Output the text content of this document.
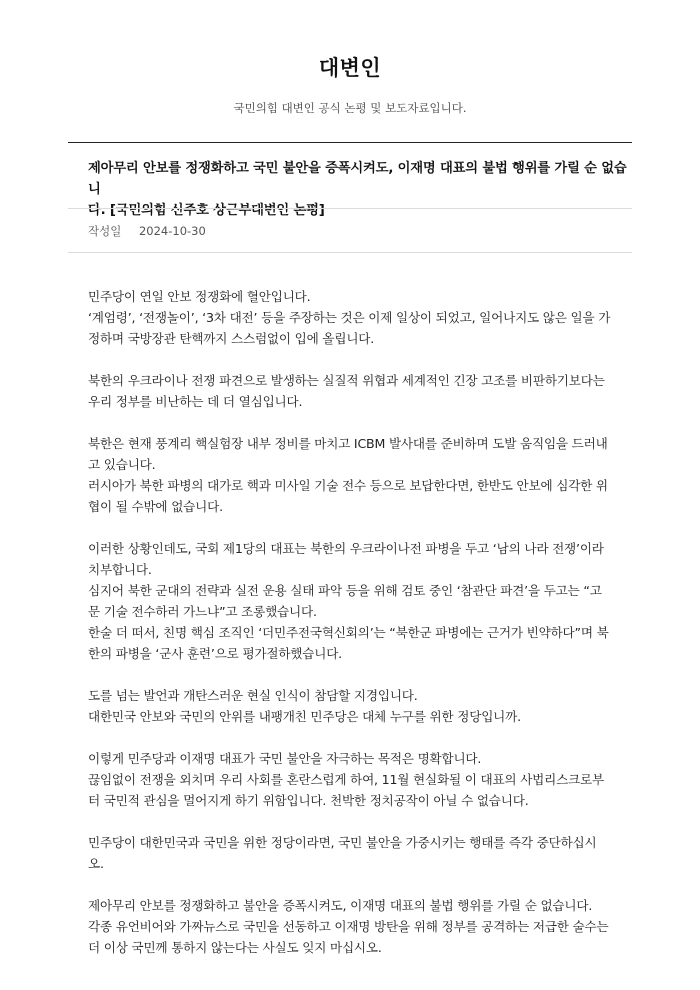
대변인
국민의힘 대변인 공식 논평 및 보도자료입니다.
제아무리 안보를 정쟁화하고 국민 불안을 증폭시켜도, 이재명 대표의 불법 행위를 가릴 순 없습니
다. [국민의힘 신주호 상근부대변인 논평]
작성일 2024-10-30

민주당이 연일 안보 정쟁화에 혈안입니다.
‘계엄령’, ‘전쟁놀이’, ‘3차 대전’ 등을 주장하는 것은 이제 일상이 되었고, 일어나지도 않은 일을 가
정하며 국방장관 탄핵까지 스스럼없이 입에 올립니다.

북한의 우크라이나 전쟁 파견으로 발생하는 실질적 위협과 세계적인 긴장 고조를 비판하기보다는
우리 정부를 비난하는 데 더 열심입니다.

북한은 현재 풍계리 핵실험장 내부 정비를 마치고 ICBM 발사대를 준비하며 도발 움직임을 드러내
고 있습니다.
러시아가 북한 파병의 대가로 핵과 미사일 기술 전수 등으로 보답한다면, 한반도 안보에 심각한 위
협이 될 수밖에 없습니다.

이러한 상황인데도, 국회 제1당의 대표는 북한의 우크라이나전 파병을 두고 ‘남의 나라 전쟁’이라
치부합니다.
심지어 북한 군대의 전략과 실전 운용 실태 파악 등을 위해 검토 중인 ‘참관단 파견’을 두고는 “고
문 기술 전수하러 가느냐”고 조롱했습니다.
한술 더 떠서, 친명 핵심 조직인 ‘더민주전국혁신회의’는 “북한군 파병에는 근거가 빈약하다”며 북
한의 파병을 ‘군사 훈련’으로 평가절하했습니다.

도를 넘는 발언과 개탄스러운 현실 인식이 참담할 지경입니다.
대한민국 안보와 국민의 안위를 내팽개친 민주당은 대체 누구를 위한 정당입니까.

이렇게 민주당과 이재명 대표가 국민 불안을 자극하는 목적은 명확합니다.
끊임없이 전쟁을 외치며 우리 사회를 혼란스럽게 하여, 11월 현실화될 이 대표의 사법리스크로부
터 국민적 관심을 멀어지게 하기 위함입니다. 천박한 정치공작이 아닐 수 없습니다.

민주당이 대한민국과 국민을 위한 정당이라면, 국민 불안을 가중시키는 행태를 즉각 중단하십시
오.

제아무리 안보를 정쟁화하고 불안을 증폭시켜도, 이재명 대표의 불법 행위를 가릴 순 없습니다.
각종 유언비어와 가짜뉴스로 국민을 선동하고 이재명 방탄을 위해 정부를 공격하는 저급한 술수는
더 이상 국민께 통하지 않는다는 사실도 잊지 마십시오.
